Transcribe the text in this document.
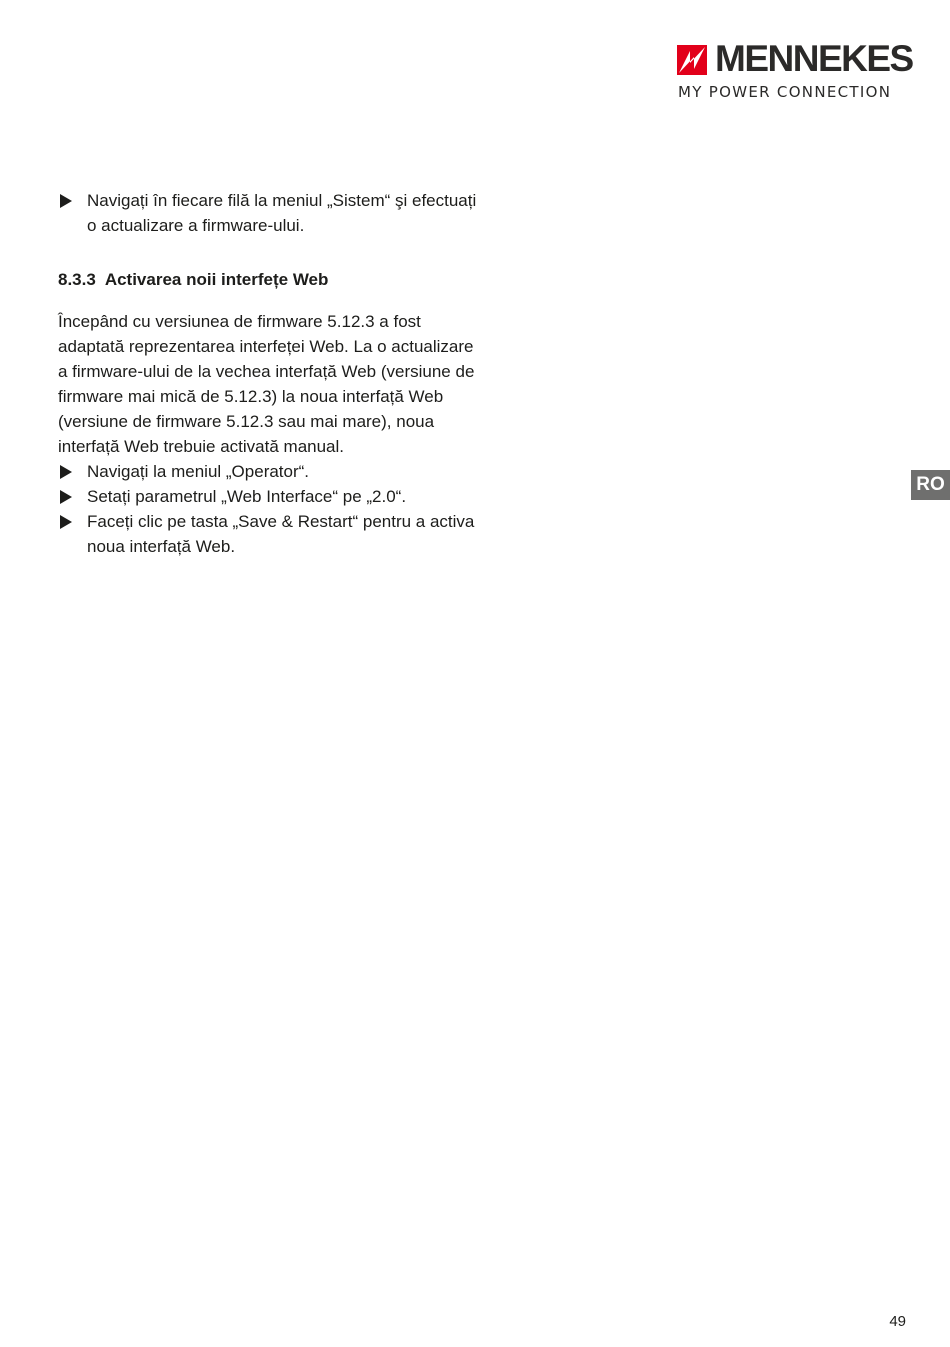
MENNEKES
MY POWER CONNECTION
Navigați în fiecare filă la meniul „Sistem“ şi efectuați o actualizare a firmware-ului.
8.3.3 Activarea noii interfețe Web
Începând cu versiunea de firmware 5.12.3 a fost adaptată reprezentarea interfeței Web. La o actualizare a firmware-ului de la vechea interfață Web (versiune de firmware mai mică de 5.12.3) la noua interfață Web (versiune de firmware 5.12.3 sau mai mare), noua interfață Web trebuie activată manual.
Navigați la meniul „Operator“.
Setați parametrul „Web Interface“ pe „2.0“.
Faceți clic pe tasta „Save & Restart“ pentru a activa noua interfață Web.
RO
49
